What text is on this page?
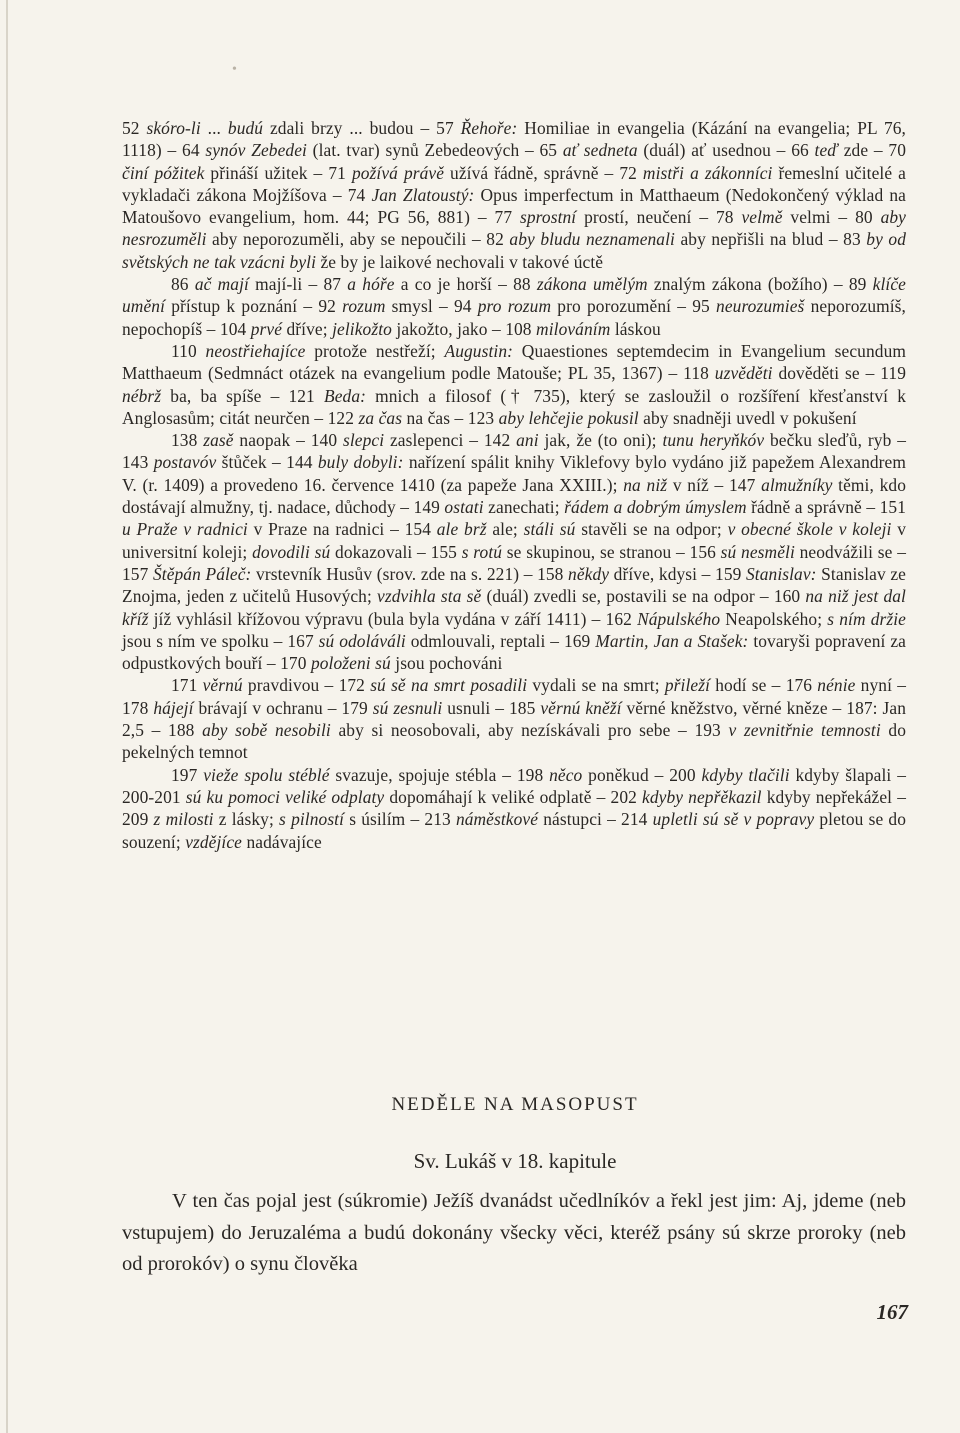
•

52 skóro-li ... budú zdali brzy ... budou – 57 Řehoře: Homiliae in evangelia (Kázání na evangelia; PL 76, 1118) – 64 synóv Zebedei (lat. tvar) synů Zebedeových – 65 ať sedneta (duál) ať usednou – 66 teď zde – 70 činí póžitek přináší užitek – 71 požívá právě užívá řádně, správně – 72 mistři a zákonníci řemeslní učitelé a vykladači zákona Mojžíšova – 74 Jan Zlatoustý: Opus imperfectum in Matthaeum (Nedokončený výklad na Matoušovo evangelium, hom. 44; PG 56, 881) – 77 sprostní prostí, neučení – 78 velmě velmi – 80 aby nesrozuměli aby neporozuměli, aby se nepoučili – 82 aby bludu neznamenali aby nepřišli na blud – 83 by od světských ne tak vzácni byli že by je laikové nechovali v takové úctě

86 ač mají mají-li – 87 a hóře a co je horší – 88 zákona umělým znalým zákona (božího) – 89 klíče umění přístup k poznání – 92 rozum smysl – 94 pro rozum pro porozumění – 95 neurozumieš neporozumíš, nepochopíš – 104 prvé dříve; jelikožto jakožto, jako – 108 milováním láskou

110 neostřiehajíce protože nestřeží; Augustin: Quaestiones septemdecim in Evangelium secundum Matthaeum (Sedmnáct otázek na evangelium podle Matouše; PL 35, 1367) – 118 uzvěděti dověděti se – 119 nébrž ba, ba spíše – 121 Beda: mnich a filosof († 735), který se zasloužil o rozšíření křesťanství k Anglosasům; citát neurčen – 122 za čas na čas – 123 aby lehčejie pokusil aby snadněji uvedl v pokušení

138 zasě naopak – 140 slepci zaslepenci – 142 ani jak, že (to oni); tunu heryňkóv bečku sleďů, ryb – 143 postavóv štůček – 144 buly dobyli: nařízení spálit knihy Viklefovy bylo vydáno již papežem Alexandrem V. (r. 1409) a provedeno 16. července 1410 (za papeže Jana XXIII.); na niž v níž – 147 almužníky těmi, kdo dostávají almužny, tj. nadace, důchody – 149 ostati zanechati; řádem a dobrým úmyslem řádně a správně – 151 u Praže v radnici v Praze na radnici – 154 ale brž ale; stáli sú stavěli se na odpor; v obecné škole v koleji v universitní koleji; dovodili sú dokazovali – 155 s rotú se skupinou, se stranou – 156 sú nesměli neodvážili se – 157 Štěpán Páleč: vrstevník Husův (srov. zde na s. 221) – 158 někdy dříve, kdysi – 159 Stanislav: Stanislav ze Znojma, jeden z učitelů Husových; vzdvihla sta sě (duál) zvedli se, postavili se na odpor – 160 na niž jest dal kříž jíž vyhlásil křížovou výpravu (bula byla vydána v září 1411) – 162 Nápulského Neapolského; s ním držie jsou s ním ve spolku – 167 sú odoláváli odmlouvali, reptali – 169 Martin, Jan a Stašek: tovaryši popravení za odpustkových bouří – 170 položeni sú jsou pochováni

171 věrnú pravdivou – 172 sú sě na smrt posadili vydali se na smrt; přileží hodí se – 176 nénie nyní – 178 hájejí brávají v ochranu – 179 sú zesnuli usnuli – 185 věrnú kněží věrné kněžstvo, věrné kněze – 187: Jan 2,5 – 188 aby sobě nesobili aby si neosobovali, aby nezískávali pro sebe – 193 v zevnitřnie temnosti do pekelných temnot

197 vieže spolu stéblé svazuje, spojuje stébla – 198 něco poněkud – 200 kdyby tlačili kdyby šlapali – 200-201 sú ku pomoci veliké odplaty dopomáhají k veliké odplatě – 202 kdyby nepřěkazil kdyby nepřekážel – 209 z milosti z lásky; s pilností s úsilím – 213 náměstkové nástupci – 214 upletli sú sě v popravy pletou se do souzení; vzdějíce nadávajíce

NEDĚLE NA MASOPUST
Sv. Lukáš v 18. kapitule

V ten čas pojal jest (súkromie) Ježíš dvanádst učedlníkóv a řekl jest jim: Aj, jdeme (neb vstupujem) do Jeruzaléma a budú dokonány všecky věci, kteréž psány sú skrze proroky (neb od prorokóv) o synu člověka

167
